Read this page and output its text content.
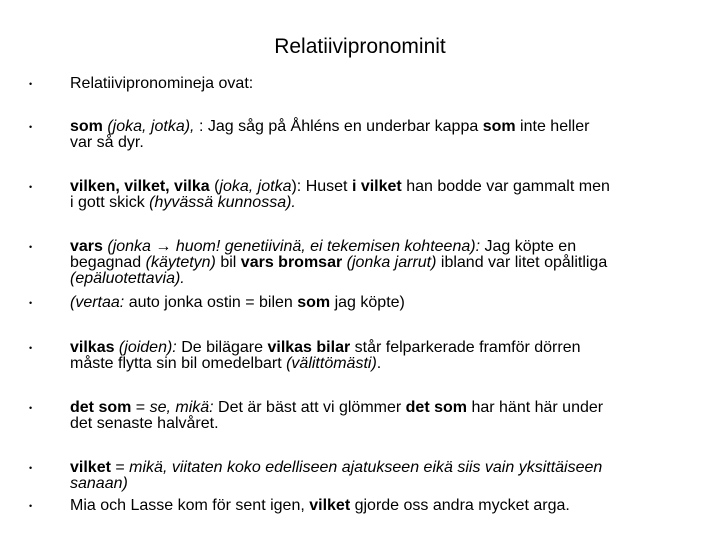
Relatiivipronominit
•
•
•
•
•
•
•
•
•
Relatiivipronomineja ovat:
som (joka, jotka), : Jag såg på Åhléns en underbar kappa som inte heller
var så dyr.
vilken, vilket, vilka (joka, jotka): Huset i vilket han bodde var gammalt men
i gott skick (hyvässä kunnossa).
vars (jonka → huom! genetiivinä, ei tekemisen kohteena): Jag köpte en
begagnad (käytetyn) bil vars bromsar (jonka jarrut) ibland var litet opålitliga
(epäluotettavia).
(vertaa: auto jonka ostin = bilen som jag köpte)
vilkas (joiden): De bilägare vilkas bilar står felparkerade framför dörren
måste flytta sin bil omedelbart (välittömästi).
det som = se, mikä: Det är bäst att vi glömmer det som har hänt här under
det senaste halvåret.
vilket = mikä, viitaten koko edelliseen ajatukseen eikä siis vain yksittäiseen
sanaan)
Mia och Lasse kom för sent igen, vilket gjorde oss andra mycket arga.
